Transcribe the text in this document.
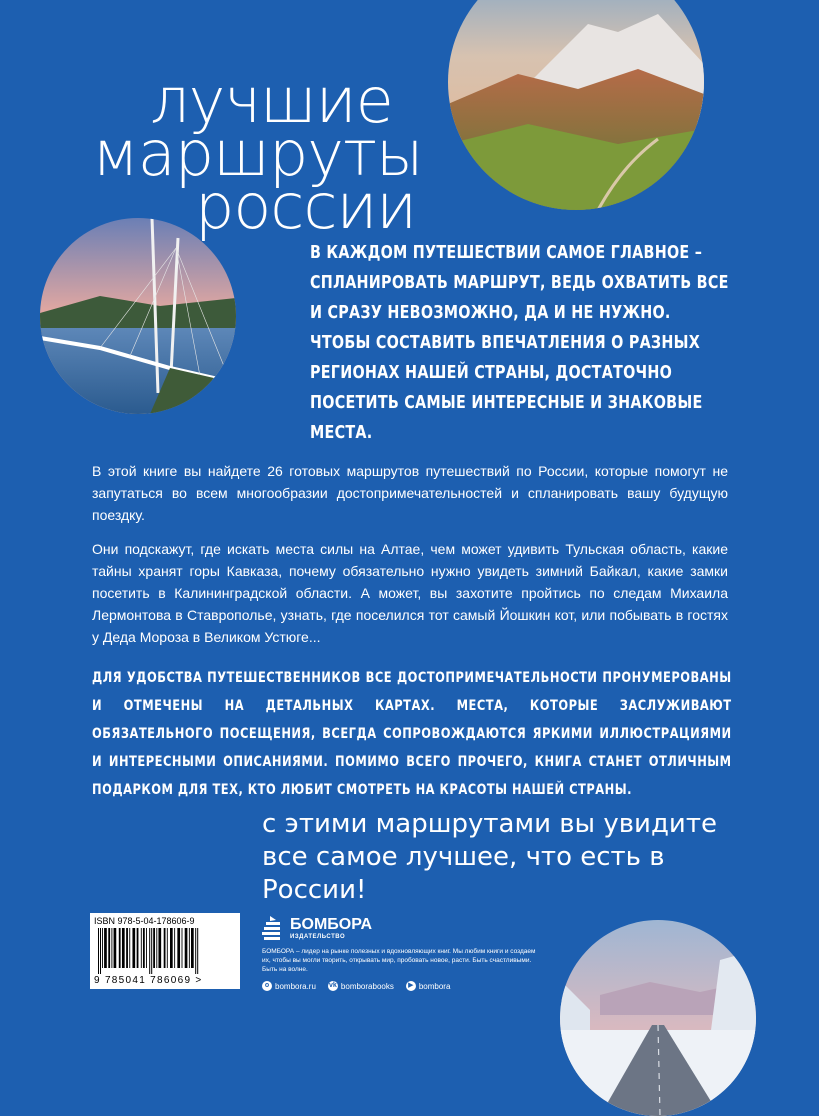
лучшие
маршруты
россии

В КАЖДОМ ПУТЕШЕСТВИИ САМОЕ ГЛАВНОЕ – СПЛАНИРОВАТЬ МАРШРУТ, ВЕДЬ ОХВАТИТЬ ВСЕ И СРАЗУ НЕВОЗМОЖНО, ДА И НЕ НУЖНО. ЧТОБЫ СОСТАВИТЬ ВПЕЧАТЛЕНИЯ О РАЗНЫХ РЕГИОНАХ НАШЕЙ СТРАНЫ, ДОСТАТОЧНО ПОСЕТИТЬ САМЫЕ ИНТЕРЕСНЫЕ И ЗНАКОВЫЕ МЕСТА.

В этой книге вы найдете 26 готовых маршрутов путешествий по России, которые помогут не запутаться во всем многообразии достопримечательностей и спланировать вашу будущую поездку.

Они подскажут, где искать места силы на Алтае, чем может удивить Тульская область, какие тайны хранят горы Кавказа, почему обязательно нужно увидеть зимний Байкал, какие замки посетить в Калининградской области. А может, вы захотите пройтись по следам Михаила Лермонтова в Ставрополье, узнать, где поселился тот самый Йошкин кот, или побывать в гостях у Деда Мороза в Великом Устюге...

ДЛЯ УДОБСТВА ПУТЕШЕСТВЕННИКОВ ВСЕ ДОСТОПРИМЕЧАТЕЛЬНОСТИ ПРОНУМЕРОВАНЫ И ОТМЕЧЕНЫ НА ДЕТАЛЬНЫХ КАРТАХ. МЕСТА, КОТОРЫЕ ЗАСЛУЖИВАЮТ ОБЯЗАТЕЛЬНОГО ПОСЕЩЕНИЯ, ВСЕГДА СОПРОВОЖДАЮТСЯ ЯРКИМИ ИЛЛЮСТРАЦИЯМИ И ИНТЕРЕСНЫМИ ОПИСАНИЯМИ. ПОМИМО ВСЕГО ПРОЧЕГО, КНИГА СТАНЕТ ОТЛИЧНЫМ ПОДАРКОМ ДЛЯ ТЕХ, КТО ЛЮБИТ СМОТРЕТЬ НА КРАСОТЫ НАШЕЙ СТРАНЫ.

с этими маршрутами вы увидите все самое лучшее, что есть в России!

ISBN 978-5-04-178606-9
9 785041 786069 >
БОМБОРА
ИЗДАТЕЛЬСТВО

БОМБОРА – лидер на рынке полезных и вдохновляющих книг. Мы любим книги и создаем их, чтобы вы могли творить, открывать мир, пробовать новое, расти. Быть счастливыми. Быть на волне.

o bombora.ru vk bomborabooks	▶ bombora
